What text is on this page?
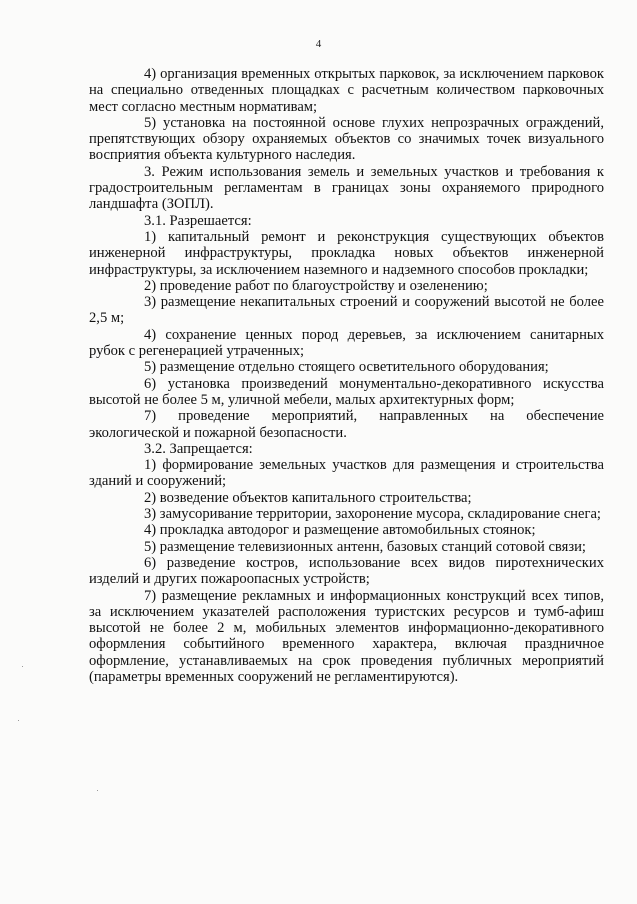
4

4) организация временных открытых парковок, за исключением парковок на специально отведенных площадках с расчетным количеством парковочных мест согласно местным нормативам;

5) установка на постоянной основе глухих непрозрачных ограждений, препятствующих обзору охраняемых объектов со значимых точек визуального восприятия объекта культурного наследия.

3. Режим использования земель и земельных участков и требования к градостроительным регламентам в границах зоны охраняемого природного ландшафта (ЗОПЛ).

3.1. Разрешается:

1) капитальный ремонт и реконструкция существующих объектов инженерной инфраструктуры, прокладка новых объектов инженерной инфраструктуры, за исключением наземного и надземного способов прокладки;

2) проведение работ по благоустройству и озеленению;

3) размещение некапитальных строений и сооружений высотой не более 2,5 м;

4) сохранение ценных пород деревьев, за исключением санитарных рубок с регенерацией утраченных;

5) размещение отдельно стоящего осветительного оборудования;

6) установка произведений монументально-декоративного искусства высотой не более 5 м, уличной мебели, малых архитектурных форм;

7) проведение мероприятий, направленных на обеспечение экологической и пожарной безопасности.

3.2. Запрещается:

1) формирование земельных участков для размещения и строительства зданий и сооружений;

2) возведение объектов капитального строительства;

3) замусоривание территории, захоронение мусора, складирование снега;

4) прокладка автодорог и размещение автомобильных стоянок;

5) размещение телевизионных антенн, базовых станций сотовой связи;

6) разведение костров, использование всех видов пиротехнических изделий и других пожароопасных устройств;

7) размещение рекламных и информационных конструкций всех типов, за исключением указателей расположения туристских ресурсов и тумб-афиш высотой не более 2 м, мобильных элементов информационно-декоративного оформления событийного временного характера, включая праздничное оформление, устанавливаемых на срок проведения публичных мероприятий (параметры временных сооружений не регламентируются).
